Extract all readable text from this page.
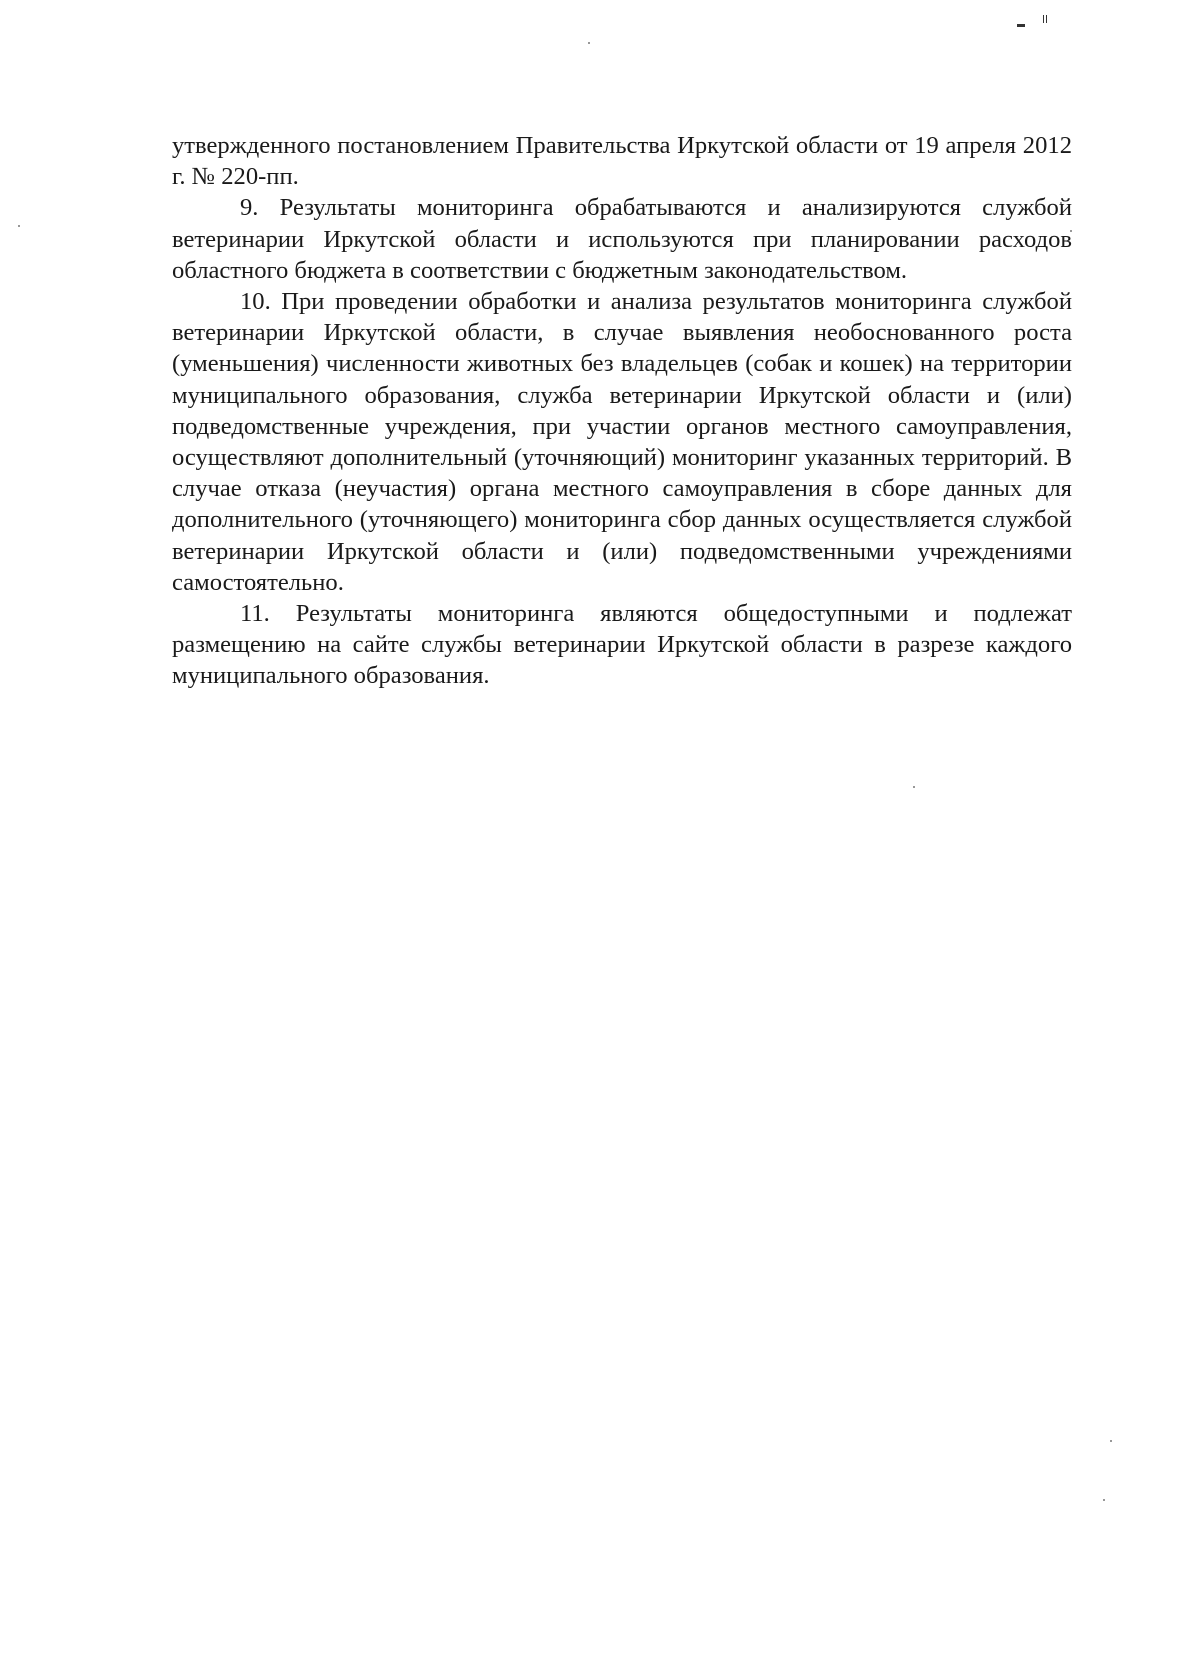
утвержденного постановлением Правительства Иркутской области от 19 апреля 2012 г. № 220-пп.

9. Результаты мониторинга обрабатываются и анализируются службой ветеринарии Иркутской области и используются при планировании расходов областного бюджета в соответствии с бюджетным законодательством.

10. При проведении обработки и анализа результатов мониторинга службой ветеринарии Иркутской области, в случае выявления необоснованного роста (уменьшения) численности животных без владельцев (собак и кошек) на территории муниципального образования, служба ветеринарии Иркутской области и (или) подведомственные учреждения, при участии органов местного самоуправления, осуществляют дополнительный (уточняющий) мониторинг указанных территорий. В случае отказа (неучастия) органа местного самоуправления в сборе данных для дополнительного (уточняющего) мониторинга сбор данных осуществляется службой ветеринарии Иркутской области и (или) подведомственными учреждениями самостоятельно.

11. Результаты мониторинга являются общедоступными и подлежат размещению на сайте службы ветеринарии Иркутской области в разрезе каждого муниципального образования.
